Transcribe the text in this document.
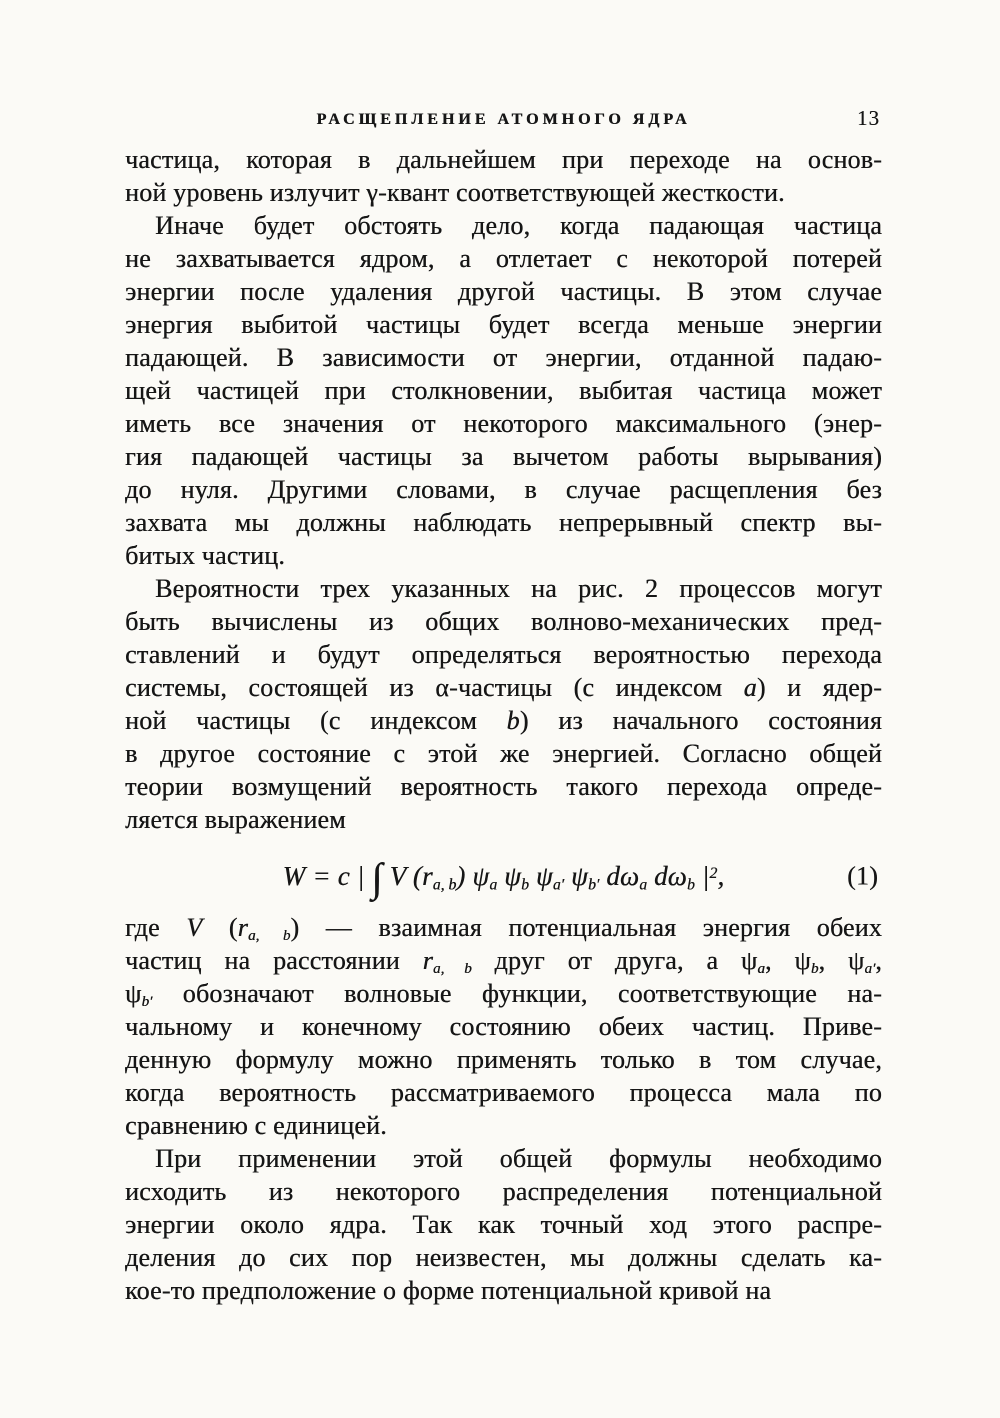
РАСЩЕПЛЕНИЕ АТОМНОГО ЯДРА	13
частица, которая в дальнейшем при переходе на основ-
ной уровень излучит γ-квант соответствующей жесткости.
Иначе будет обстоять дело, когда падающая частица
не захватывается ядром, а отлетает с некоторой потерей
энергии после удаления другой частицы. В этом случае
энергия выбитой частицы будет всегда меньше энергии
падающей. В зависимости от энергии, отданной падаю-
щей частицей при столкновении, выбитая частица может
иметь все значения от некоторого максимального (энер-
гия падающей частицы за вычетом работы вырывания)
до нуля. Другими словами, в случае расщепления без
захвата мы должны наблюдать непрерывный спектр вы-
битых частиц.
Вероятности трех указанных на рис. 2 процессов могут
быть вычислены из общих волново-механических пред-
ставлений и будут определяться вероятностью перехода
системы, состоящей из α-частицы (с индексом a) и ядер-
ной частицы (с индексом b) из начального состояния
в другое состояние с этой же энергией. Согласно общей
теории возмущений вероятность такого перехода опреде-
ляется выражением
W = c | ∫ V $(r_{a, b})$ $\psi_a$ $\psi_b$ $\psi_{a'}$ $\psi_{b'}$ $d\omega_a$ $d\omega_b$ $|^2$,	(1)
где V $(r_{a, b})$ — взаимная потенциальная энергия обеих
частиц на расстоянии $r_{a, b}$ друг от друга, а $\psi_a$, $\psi_b$, $\psi_{a'}$,
$\psi_{b'}$ обозначают волновые функции, соответствующие на-
чальному и конечному состоянию обеих частиц. Приве-
денную формулу можно применять только в том случае,
когда вероятность рассматриваемого процесса мала по
сравнению с единицей.
При применении этой общей формулы необходимо
исходить из некоторого распределения потенциальной
энергии около ядра. Так как точный ход этого распре-
деления до сих пор неизвестен, мы должны сделать ка-
кое-то предположение о форме потенциальной кривой на
